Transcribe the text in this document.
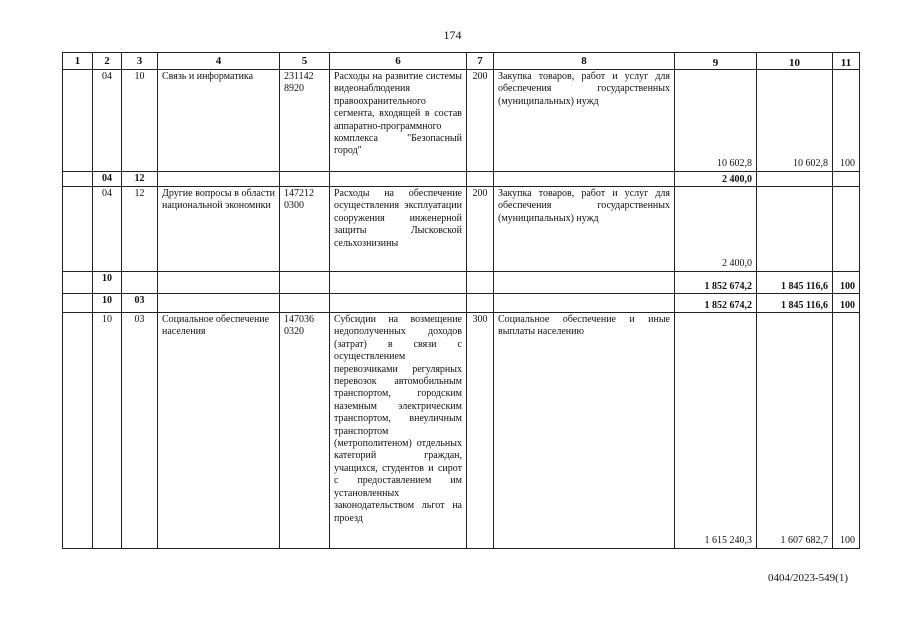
174
1	2	3	4	5	6	7	8	9	10	11
	04	10	Связь и информатика	231142 8920	Расходы на развитие системы видеонаблюдения правоохранительного сегмента, входящей в состав аппаратно-программного комплекса "Безопасный город"	200	Закупка товаров, работ и услуг для обеспечения государственных (муниципальных) нужд	10 602,8	10 602,8	100
	04	12						2 400,0		
	04	12	Другие вопросы в области национальной экономики	147212 0300	Расходы на обеспечение осуществления эксплуатации сооружения инженерной защиты Лысковской сельхознизины	200	Закупка товаров, работ и услуг для обеспечения государственных (муниципальных) нужд	2 400,0		
	10							1 852 674,2	1 845 116,6	100
	10	03						1 852 674,2	1 845 116,6	100
	10	03	Социальное обеспечение населения	147036 0320	Субсидии на возмещение недополученных доходов (затрат) в связи с осуществлением перевозчиками регулярных перевозок автомобильным транспортом, городским наземным электрическим транспортом, внеуличным транспортом (метрополитеном) отдельных категорий граждан, учащихся, студентов и сирот с предоставлением им установленных законодательством льгот на проезд	300	Социальное обеспечение и иные выплаты населению	1 615 240,3	1 607 682,7	100
0404/2023-549(1)
